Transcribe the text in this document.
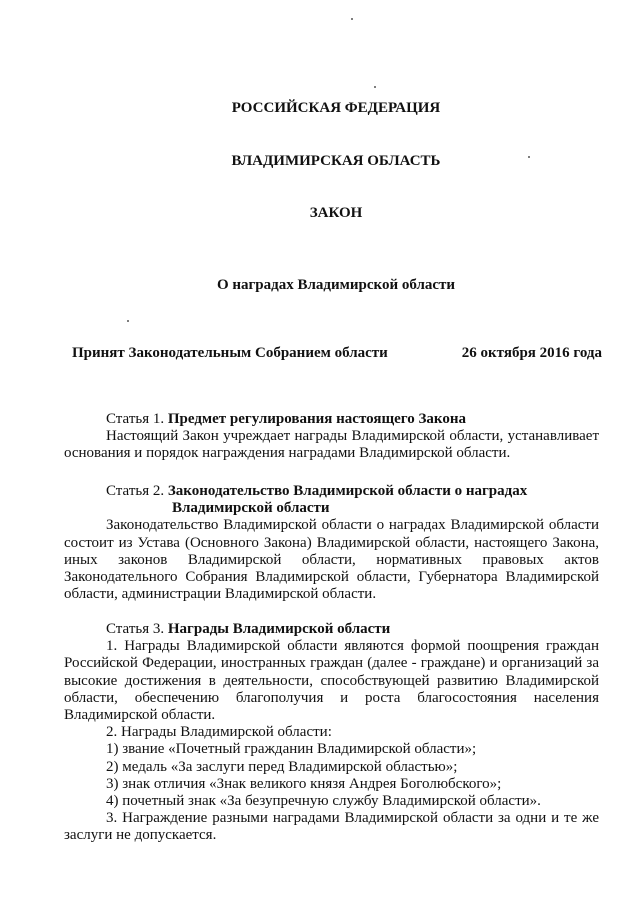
РОССИЙСКАЯ ФЕДЕРАЦИЯ
ВЛАДИМИРСКАЯ ОБЛАСТЬ
ЗАКОН
О наградах Владимирской области
Принят Законодательным Собранием области	26 октября 2016 года

Статья 1. Предмет регулирования настоящего Закона

Настоящий Закон учреждает награды Владимирской области, устанавливает основания и порядок награждения наградами Владимирской области.

Статья 2. Законодательство Владимирской области о наградах
Владимирской области

Законодательство Владимирской области о наградах Владимирской области состоит из Устава (Основного Закона) Владимирской области, настоящего Закона, иных законов Владимирской области, нормативных правовых актов Законодательного Собрания Владимирской области, Губернатора Владимирской области, администрации Владимирской области.

Статья 3. Награды Владимирской области

1. Награды Владимирской области являются формой поощрения граждан Российской Федерации, иностранных граждан (далее - граждане) и организаций за высокие достижения в деятельности, способствующей развитию Владимирской области, обеспечению благополучия и роста благосостояния населения Владимирской области.

2. Награды Владимирской области:

1) звание «Почетный гражданин Владимирской области»;

2) медаль «За заслуги перед Владимирской областью»;

3) знак отличия «Знак великого князя Андрея Боголюбского»;

4) почетный знак «За безупречную службу Владимирской области».

3. Награждение разными наградами Владимирской области за одни и те же заслуги не допускается.
